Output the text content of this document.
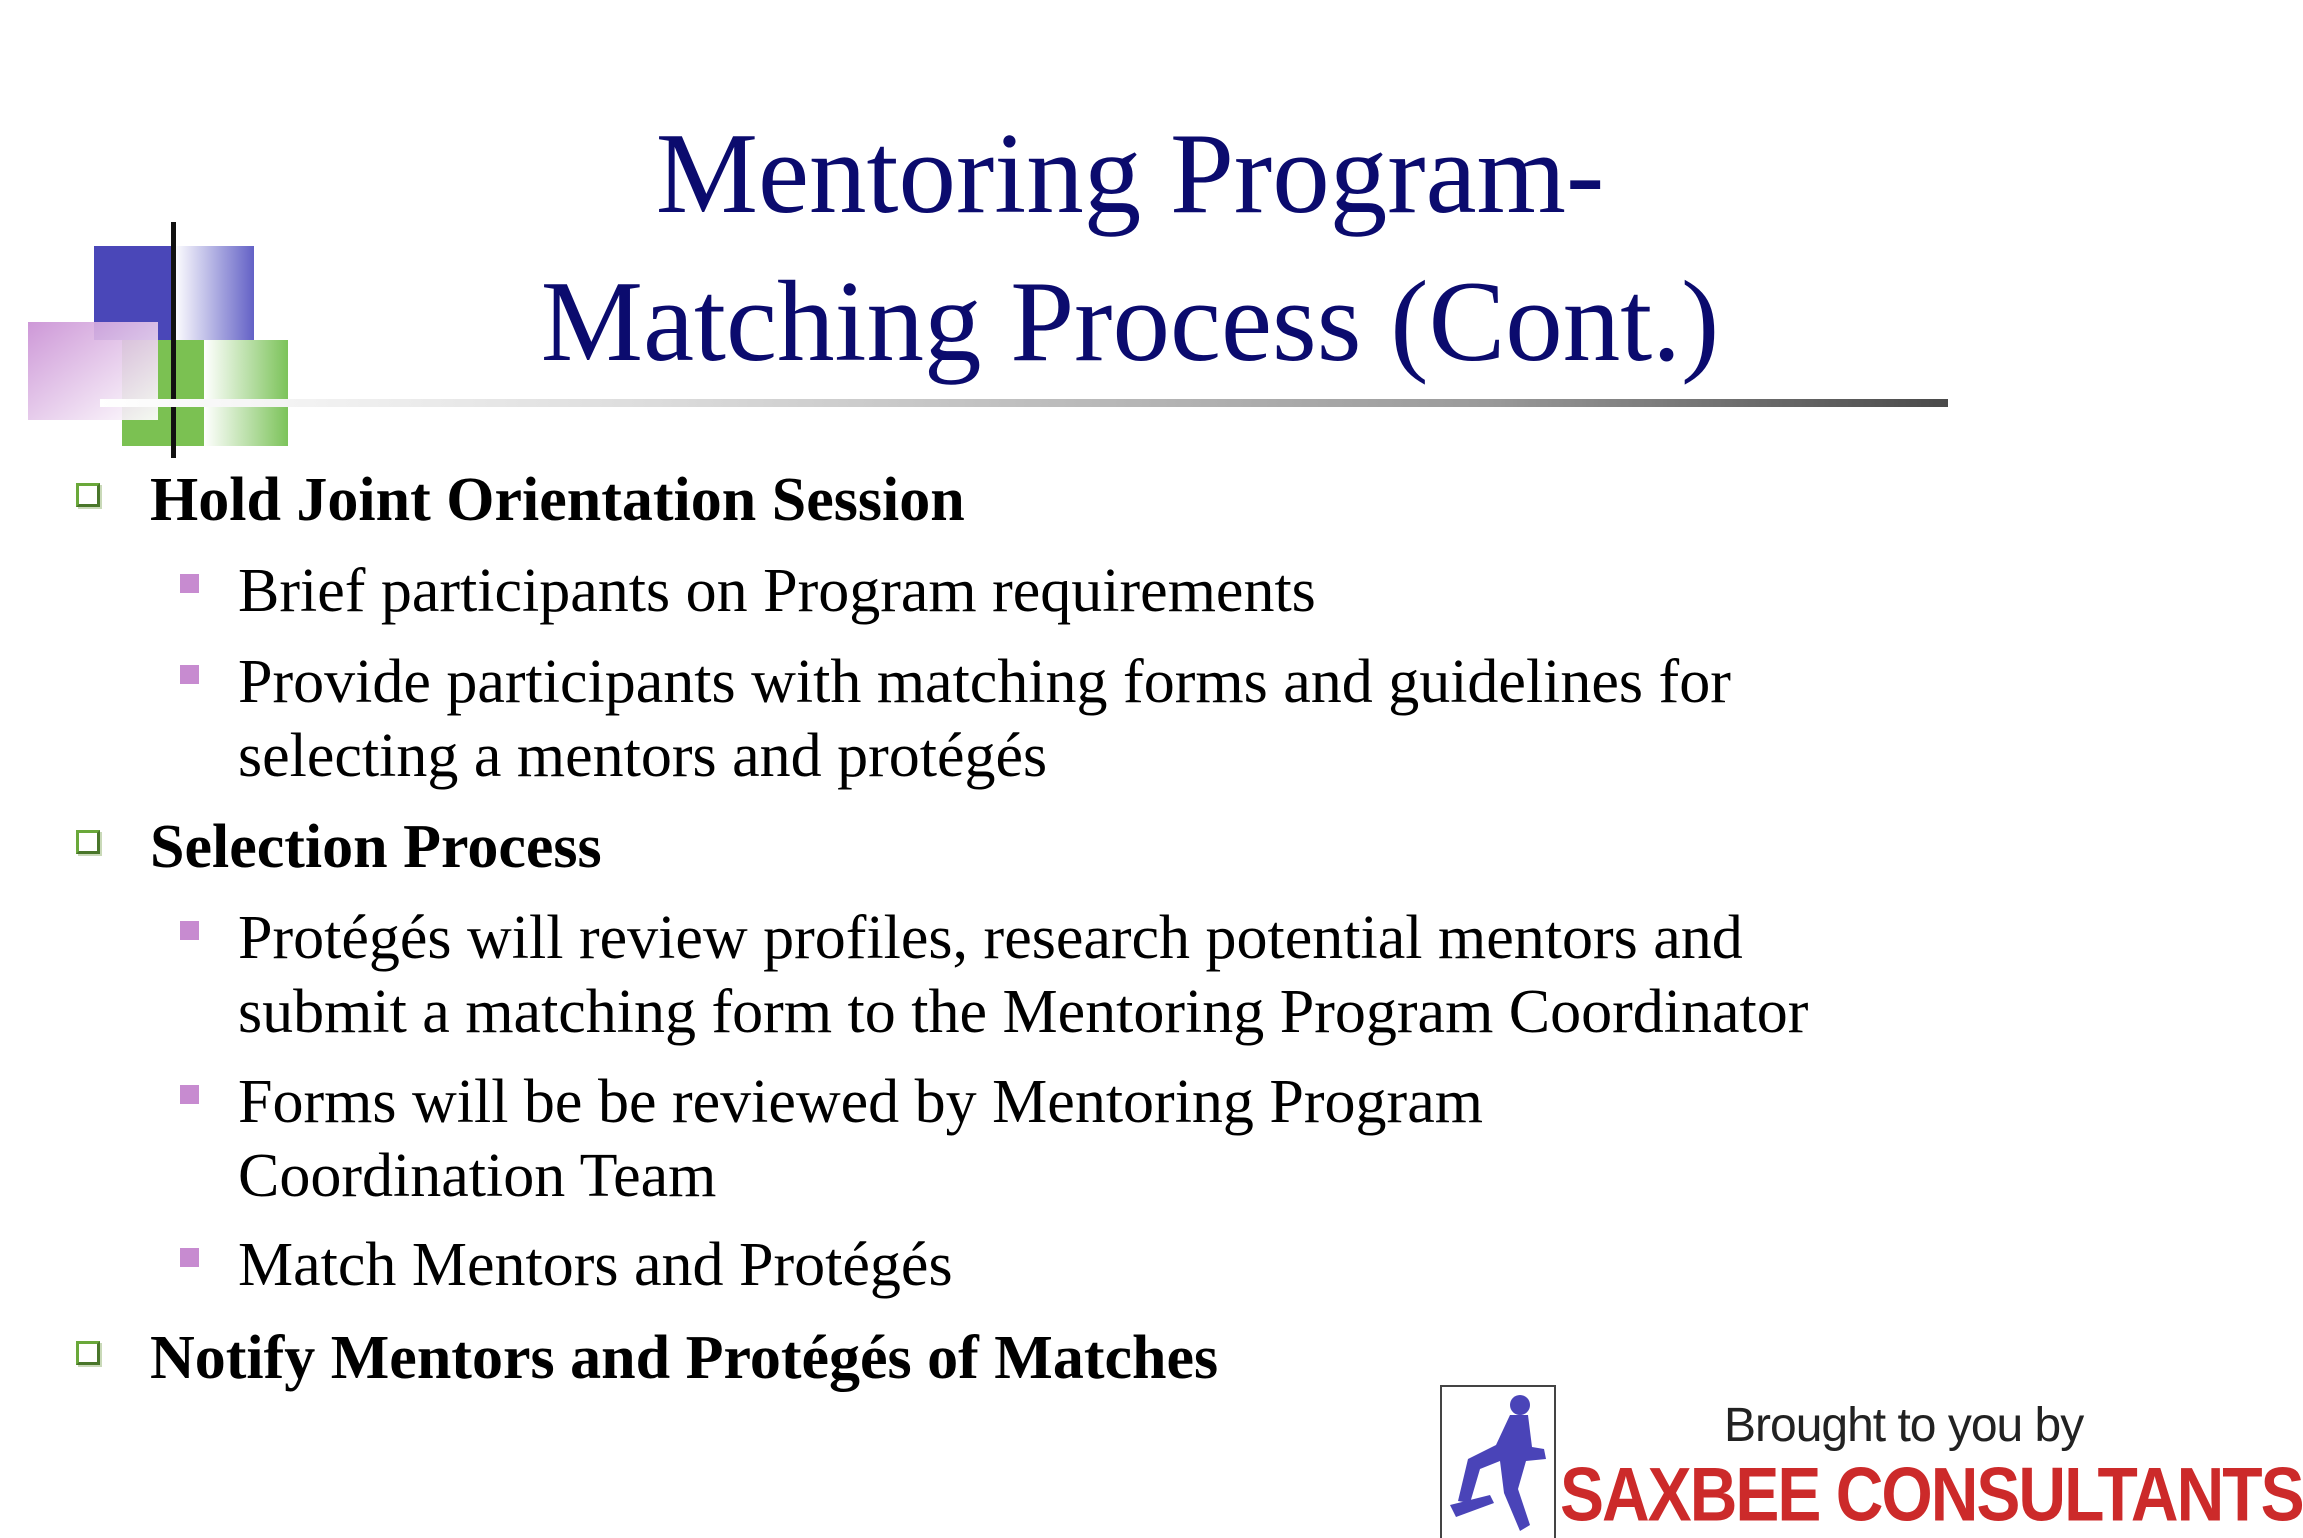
Mentoring Program-
Matching Process (Cont.)
Hold Joint Orientation Session
Brief participants on Program requirements
Provide participants with matching forms and guidelines for
selecting a mentors and protégés
Selection Process
Protégés will review profiles, research potential mentors and
submit a matching form to the Mentoring Program Coordinator
Forms will be be reviewed by Mentoring Program
Coordination Team
Match Mentors and Protégés
Notify Mentors and Protégés of Matches
Brought to you by
SAXBEE CONSULTANTS
